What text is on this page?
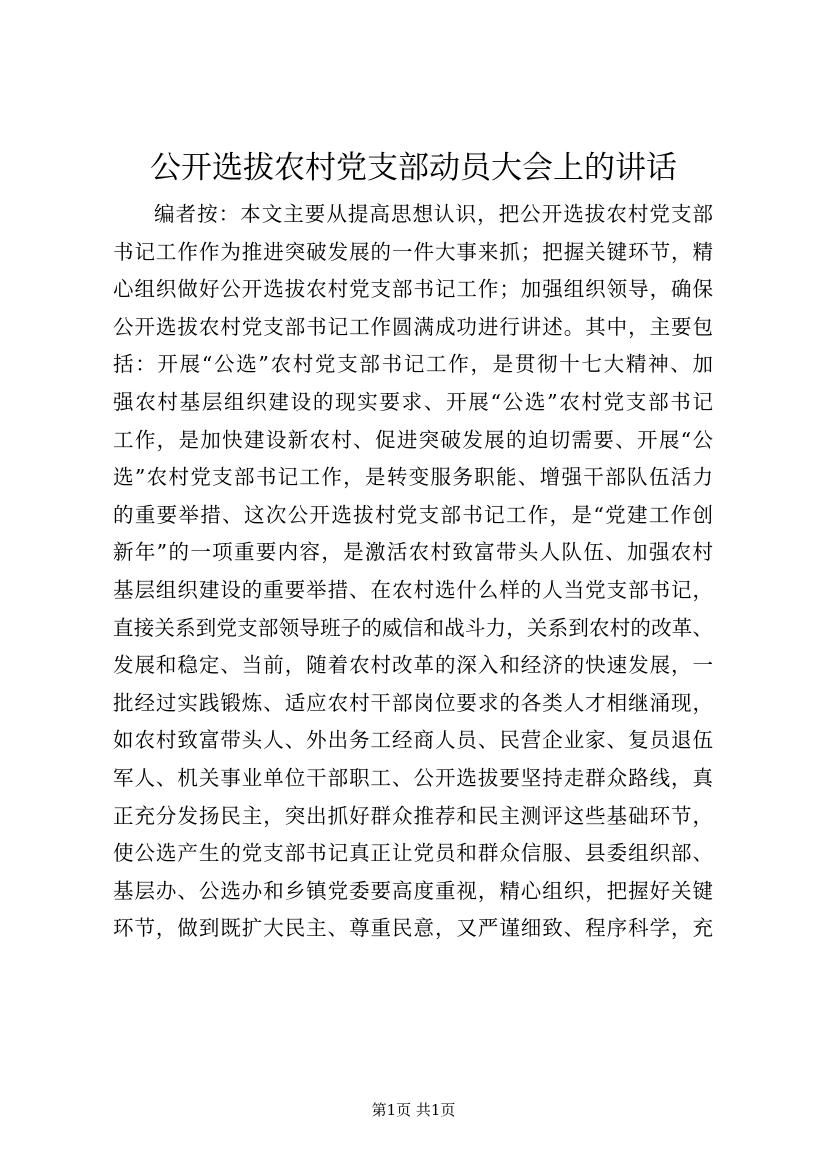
公开选拔农村党支部动员大会上的讲话
编者按：本文主要从提高思想认识，把公开选拔农村党支部
书记工作作为推进突破发展的一件大事来抓；把握关键环节，精
心组织做好公开选拔农村党支部书记工作；加强组织领导，确保
公开选拔农村党支部书记工作圆满成功进行讲述。其中，主要包
括：开展“公选”农村党支部书记工作，是贯彻十七大精神、加
强农村基层组织建设的现实要求、开展“公选”农村党支部书记
工作，是加快建设新农村、促进突破发展的迫切需要、开展“公
选”农村党支部书记工作，是转变服务职能、增强干部队伍活力
的重要举措、这次公开选拔村党支部书记工作，是“党建工作创
新年”的一项重要内容，是激活农村致富带头人队伍、加强农村
基层组织建设的重要举措、在农村选什么样的人当党支部书记，
直接关系到党支部领导班子的威信和战斗力，关系到农村的改革、
发展和稳定、当前，随着农村改革的深入和经济的快速发展，一
批经过实践锻炼、适应农村干部岗位要求的各类人才相继涌现，
如农村致富带头人、外出务工经商人员、民营企业家、复员退伍
军人、机关事业单位干部职工、公开选拔要坚持走群众路线，真
正充分发扬民主，突出抓好群众推荐和民主测评这些基础环节，
使公选产生的党支部书记真正让党员和群众信服、县委组织部、
基层办、公选办和乡镇党委要高度重视，精心组织，把握好关键
环节，做到既扩大民主、尊重民意，又严谨细致、程序科学，充
第1页 共1页
